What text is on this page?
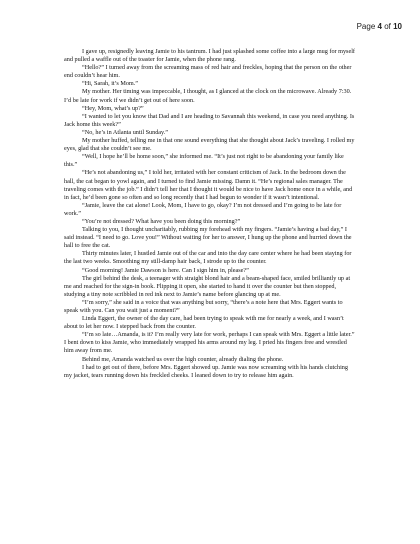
Page 4 of 10

I gave up, resignedly leaving Jamie to his tantrum. I had just splashed some coffee into a large mug for myself and pulled a waffle out of the toaster for Jamie, when the phone rang.

“Hello?” I turned away from the screaming mass of red hair and freckles, hoping that the person on the other end couldn’t hear him.

“Hi, Sarah, it’s Mom.”

My mother. Her timing was impeccable, I thought, as I glanced at the clock on the microwave. Already 7:30. I’d be late for work if we didn’t get out of here soon.

“Hey, Mom, what’s up?”

“I wanted to let you know that Dad and I are heading to Savannah this weekend, in case you need anything. Is Jack home this week?”

“No, he’s in Atlanta until Sunday.”

My mother huffed, telling me in that one sound everything that she thought about Jack’s traveling. I rolled my eyes, glad that she couldn’t see me.

“Well, I hope he’ll be home soon,” she informed me. “It’s just not right to be abandoning your family like this.”

“He’s not abandoning us,” I told her, irritated with her constant criticism of Jack. In the bedroom down the hall, the cat began to yowl again, and I turned to find Jamie missing. Damn it. “He’s regional sales manager. The traveling comes with the job.” I didn’t tell her that I thought it would be nice to have Jack home once in a while, and in fact, he’d been gone so often and so long recently that I had begun to wonder if it wasn’t intentional.

“Jamie, leave the cat alone! Look, Mom, I have to go, okay? I’m not dressed and I’m going to be late for work.”

“You’re not dressed? What have you been doing this morning?”

Talking to you, I thought uncharitably, rubbing my forehead with my fingers. “Jamie’s having a bad day,” I said instead. “I need to go. Love you!” Without waiting for her to answer, I hung up the phone and hurried down the hall to free the cat.

Thirty minutes later, I hustled Jamie out of the car and into the day care center where he had been staying for the last two weeks. Smoothing my still-damp hair back, I strode up to the counter.

“Good morning! Jamie Dawson is here. Can I sign him in, please?”

The girl behind the desk, a teenager with straight blond hair and a beam-shaped face, smiled brilliantly up at me and reached for the sign-in book. Flipping it open, she started to hand it over the counter but then stopped, studying a tiny note scribbled in red ink next to Jamie’s name before glancing up at me.

“I’m sorry,” she said in a voice that was anything but sorry, “there’s a note here that Mrs. Eggert wants to speak with you. Can you wait just a moment?”

Linda Eggert, the owner of the day care, had been trying to speak with me for nearly a week, and I wasn’t about to let her now. I stepped back from the counter.

“I’m so late…Amanda, is it? I’m really very late for work, perhaps I can speak with Mrs. Eggert a little later.” I bent down to kiss Jamie, who immediately wrapped his arms around my leg. I pried his fingers free and wrestled him away from me.

Behind me, Amanda watched us over the high counter, already dialing the phone.

I had to get out of there, before Mrs. Eggert showed up. Jamie was now screaming with his hands clutching my jacket, tears running down his freckled cheeks. I leaned down to try to release him again.
